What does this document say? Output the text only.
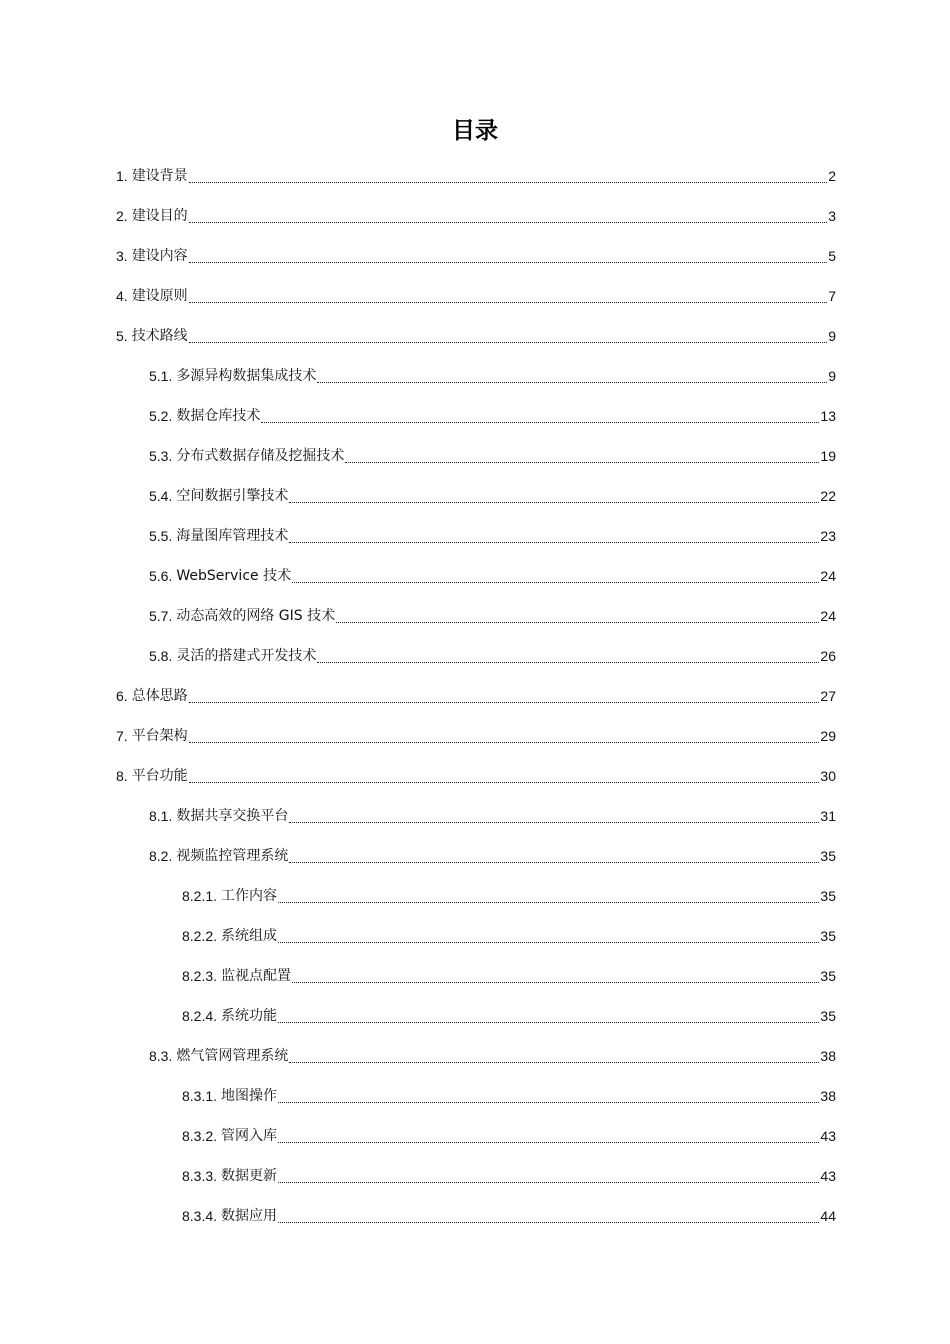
目录
1. 建设背景	2
2. 建设目的	3
3. 建设内容	5
4. 建设原则	7
5. 技术路线	9
5.1. 多源异构数据集成技术	9
5.2. 数据仓库技术	13
5.3. 分布式数据存储及挖掘技术	19
5.4. 空间数据引擎技术	22
5.5. 海量图库管理技术	23
5.6. WebService 技术	24
5.7. 动态高效的网络 GIS 技术	24
5.8. 灵活的搭建式开发技术	26
6. 总体思路	27
7. 平台架构	29
8. 平台功能	30
8.1. 数据共享交换平台	31
8.2. 视频监控管理系统	35
8.2.1. 工作内容	35
8.2.2. 系统组成	35
8.2.3. 监视点配置	35
8.2.4. 系统功能	35
8.3. 燃气管网管理系统	38
8.3.1. 地图操作	38
8.3.2. 管网入库	43
8.3.3. 数据更新	43
8.3.4. 数据应用	44
